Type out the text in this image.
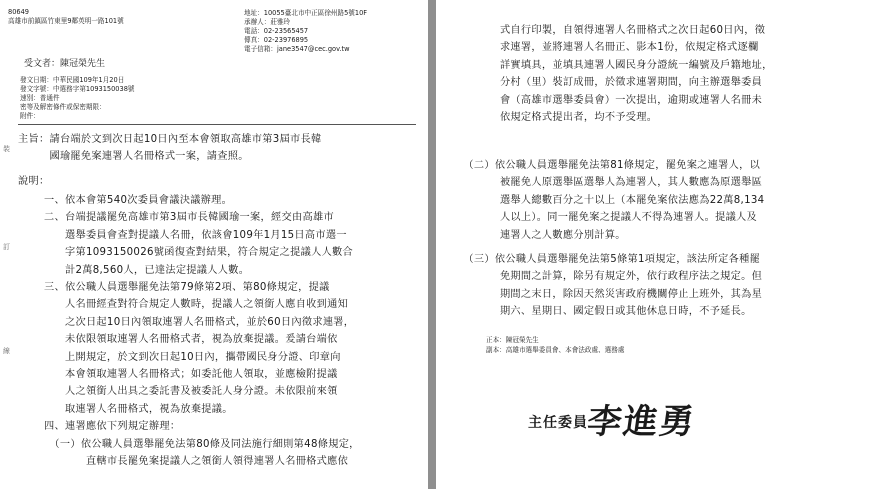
80649
高雄市前鎮區竹東里9鄰英明一路101號
地址：10055臺北市中正區徐州路5號10F
承辦人：莊雅玲
電話：02-23565457
傳真：02-23976895
電子信箱：jane3547@cec.gov.tw
受文者：陳冠榮先生
發文日期：中華民國109年1月20日
發文字號：中選務字第1093150038號
速別：普通件
密等及解密條件或保密期限：
附件：
主旨：請台端於文到次日起10日內至本會領取高雄市第3屆市長韓
　　　國瑜罷免案連署人名冊格式一案，請查照。
說明：
一、依本會第540次委員會議決議辦理。
二、台端提議罷免高雄市第3屆市長韓國瑜一案，經交由高雄市
　　選舉委員會查對提議人名冊，依該會109年1月15日高市選一
　　字第1093150026號函復查對結果，符合規定之提議人人數合
　　計2萬8,560人，已達法定提議人人數。
三、依公職人員選舉罷免法第79條第2項、第80條規定，提議
　　人名冊經查對符合規定人數時，提議人之領銜人應自收到通知
　　之次日起10日內領取連署人名冊格式，並於60日內徵求連署，
　　未依限領取連署人名冊格式者，視為放棄提議。爰請台端依
　　上開規定，於文到次日起10日內，攜帶國民身分證、印章向
　　本會領取連署人名冊格式；如委託他人領取，並應檢附提議
　　人之領銜人出具之委託書及被委託人身分證。未依限前來領
　　取連署人名冊格式，視為放棄提議。
四、連署應依下列規定辦理：
　（一）依公職人員選舉罷免法第80條及同法施行細則第48條規定，
　　　　直轄市長罷免案提議人之領銜人領得連署人名冊格式應依
裝
訂
線
　　　　式自行印製，自領得連署人名冊格式之次日起60日內，徵
　　　　求連署，並將連署人名冊正、影本1份，依規定格式逐欄
　　　　詳實填具，並填具連署人國民身分證統一編號及戶籍地址，
　　　　分村（里）裝訂成冊，於徵求連署期間，向主辦選舉委員
　　　　會（高雄市選舉委員會）一次提出，逾期或連署人名冊未
　　　　依規定格式提出者，均不予受理。
　（二）依公職人員選舉罷免法第81條規定，罷免案之連署人，以
　　　　被罷免人原選舉區選舉人為連署人，其人數應為原選舉區
　　　　選舉人總數百分之十以上（本罷免案依法應為22萬8,134
　　　　人以上）。同一罷免案之提議人不得為連署人。提議人及
　　　　連署人之人數應分別計算。
　（三）依公職人員選舉罷免法第5條第1項規定，該法所定各種罷
　　　　免期間之計算，除另有規定外，依行政程序法之規定。但
　　　　期間之末日，除因天然災害政府機關停止上班外，其為星
　　　　期六、星期日、國定假日或其他休息日時，不予延長。
正本：陳冠榮先生
副本：高雄市選舉委員會、本會法政處、選務處
主任委員
李進勇
